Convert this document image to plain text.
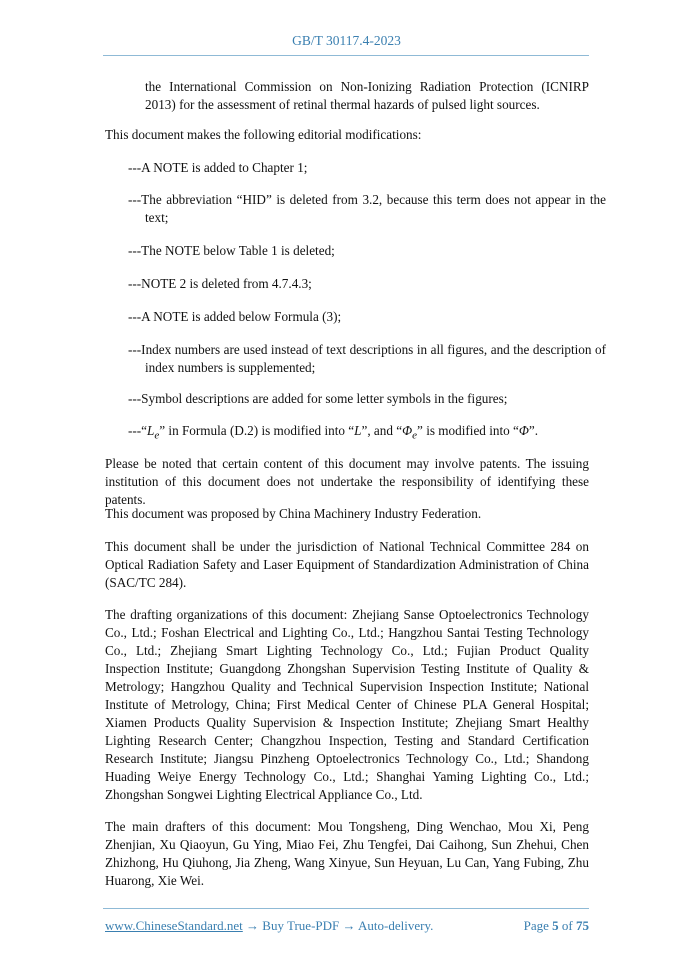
GB/T 30117.4-2023
the International Commission on Non-Ionizing Radiation Protection (ICNIRP 2013) for the assessment of retinal thermal hazards of pulsed light sources.
This document makes the following editorial modifications:
---A NOTE is added to Chapter 1;
---The abbreviation “HID” is deleted from 3.2, because this term does not appear in the text;
---The NOTE below Table 1 is deleted;
---NOTE 2 is deleted from 4.7.4.3;
---A NOTE is added below Formula (3);
---Index numbers are used instead of text descriptions in all figures, and the description of index numbers is supplemented;
---Symbol descriptions are added for some letter symbols in the figures;
$---“L_e$” in Formula (D.2) is modified into “L”, and “$\Phi_e$” is modified into “Φ”.
Please be noted that certain content of this document may involve patents. The issuing institution of this document does not undertake the responsibility of identifying these patents.
This document was proposed by China Machinery Industry Federation.
This document shall be under the jurisdiction of National Technical Committee 284 on Optical Radiation Safety and Laser Equipment of Standardization Administration of China (SAC/TC 284).
The drafting organizations of this document: Zhejiang Sanse Optoelectronics Technology Co., Ltd.; Foshan Electrical and Lighting Co., Ltd.; Hangzhou Santai Testing Technology Co., Ltd.; Zhejiang Smart Lighting Technology Co., Ltd.; Fujian Product Quality Inspection Institute; Guangdong Zhongshan Supervision Testing Institute of Quality & Metrology; Hangzhou Quality and Technical Supervision Inspection Institute; National Institute of Metrology, China; First Medical Center of Chinese PLA General Hospital; Xiamen Products Quality Supervision & Inspection Institute; Zhejiang Smart Healthy Lighting Research Center; Changzhou Inspection, Testing and Standard Certification Research Institute; Jiangsu Pinzheng Optoelectronics Technology Co., Ltd.; Shandong Huading Weiye Energy Technology Co., Ltd.; Shanghai Yaming Lighting Co., Ltd.; Zhongshan Songwei Lighting Electrical Appliance Co., Ltd.
The main drafters of this document: Mou Tongsheng, Ding Wenchao, Mou Xi, Peng Zhenjian, Xu Qiaoyun, Gu Ying, Miao Fei, Zhu Tengfei, Dai Caihong, Sun Zhehui, Chen Zhizhong, Hu Qiuhong, Jia Zheng, Wang Xinyue, Sun Heyuan, Lu Can, Yang Fubing, Zhu Huarong, Xie Wei.
www.ChineseStandard.net → Buy True-PDF → Auto-delivery.	Page 5 of 75
